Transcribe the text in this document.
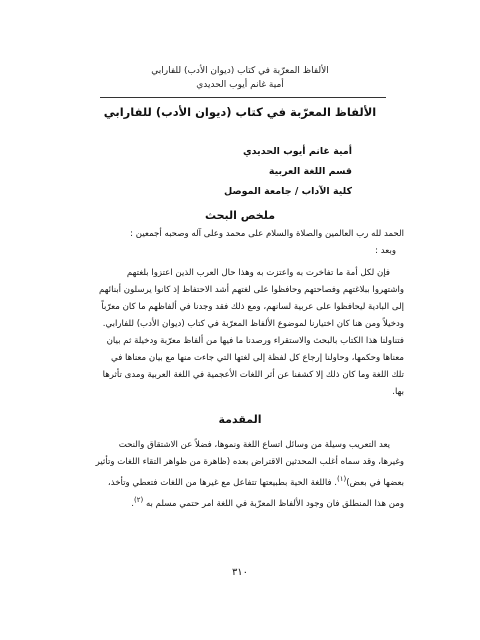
الألفاظ المعرّبة في كتاب (ديوان الأدب) للفارابي
أمية غانم أيوب الحديدي
الألفاظ المعرّبة في كتاب (ديوان الأدب) للفارابي
أمية غانم أيوب الحديدي
قسم اللغة العربية
كلية الآداب / جامعة الموصل
ملخص البحث

الحمد لله رب العالمين والصلاة والسلام على محمد وعلى آله وصحبه أجمعين :

وبعد :

فإن لكل أمة ما تفاخرت به واعتزت به وهذا حال العرب الذين اعتزوا بلغتهم

واشتهروا ببلاغتهم وفصاحتهم وحافظوا على لغتهم أشد الاحتفاظ إذ كانوا يرسلون أبنائهم

إلى البادية ليحافظوا على عربية لسانهم، ومع ذلك فقد وجدنا في ألفاظهم ما كان معرّباً

ودخيلاً ومن هنا كان اختيارنا لموضوع الألفاظ المعرّبة في كتاب (ديوان الأدب) للفارابي.

فتناولنا هذا الكتاب بالبحث والاستقراء ورصدنا ما فيها من ألفاظ معرّبة ودخيلة ثم بيان

معناها وحكمها، وحاولنا إرجاع كل لفظة إلى لغتها التي جاءت منها مع بيان معناها في

تلك اللغة وما كان ذلك إلا كشفنا عن أثر اللغات الأعجمية في اللغة العربية ومدى تأثرها

بها.

المقدمة

يعد التعريب وسيلة من وسائل اتساع اللغة ونموها، فضلاً عن الاشتقاق والنحت

وغيرها، وقد سماه أغلب المحدثين الاقتراض بعده (ظاهرة من ظواهر التقاء اللغات وتأثير

بعضها في بعض)$^{(١)}$. فاللغة الحية بطبيعتها تتفاعل مع غيرها من اللغات فتعطي وتأخذ،

ومن هذا المنطلق فان وجود الألفاظ المعرّبة في اللغة امر حتمي مسلم به $^{(٢)}$.

٣١٠
